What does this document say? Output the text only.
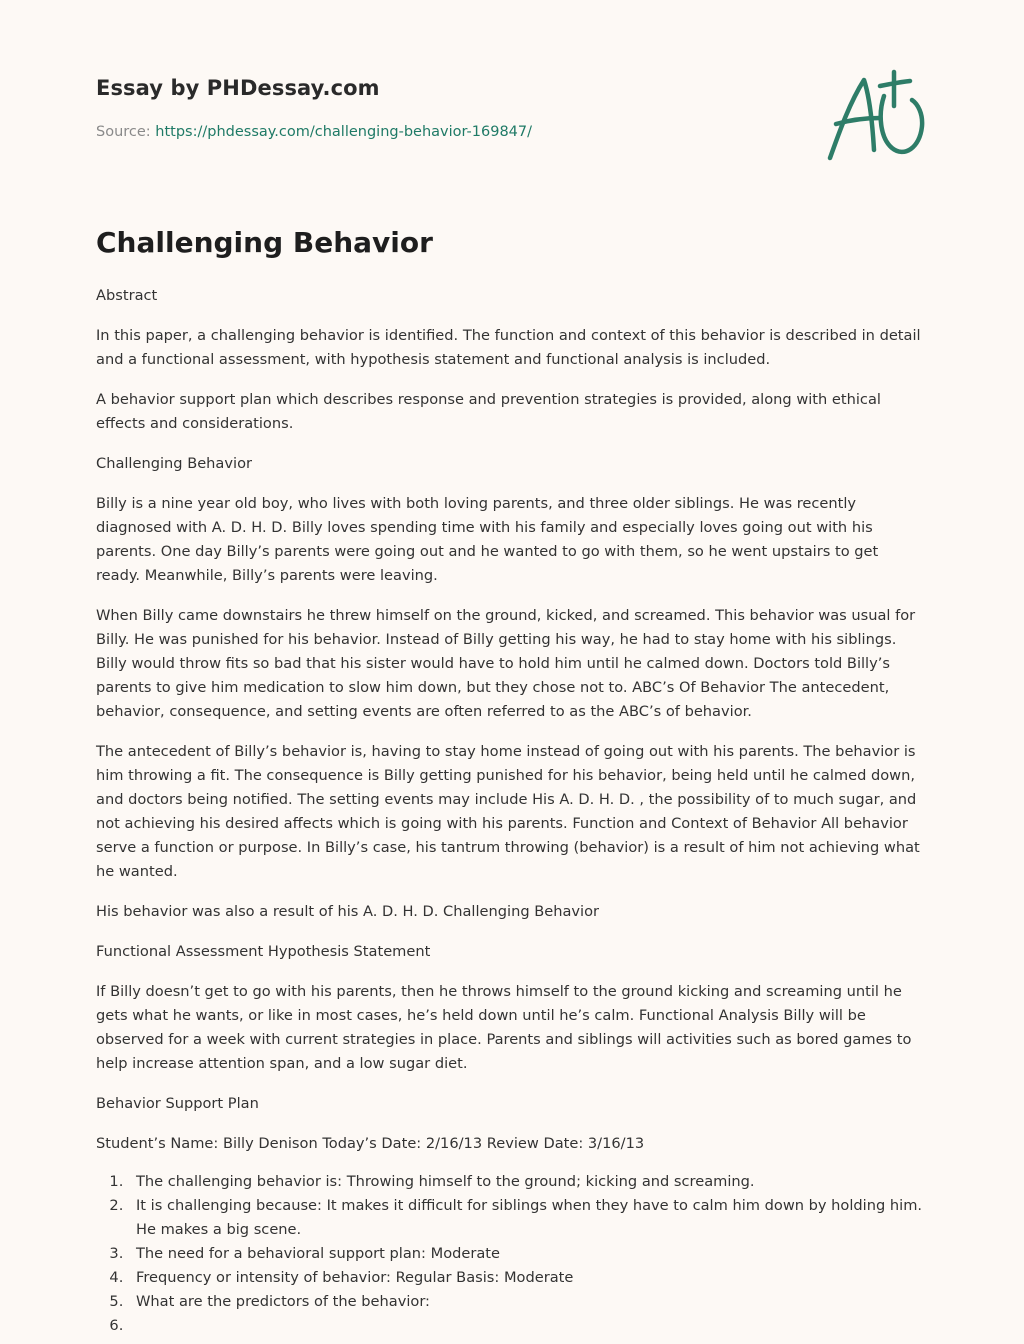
Essay by PHDessay.com

Source: https://phdessay.com/challenging-behavior-169847/

Challenging Behavior

Abstract

In this paper, a challenging behavior is identified. The function and context of this behavior is described in detail and a functional assessment, with hypothesis statement and functional analysis is included.

A behavior support plan which describes response and prevention strategies is provided, along with ethical effects and considerations.

Challenging Behavior

Billy is a nine year old boy, who lives with both loving parents, and three older siblings. He was recently diagnosed with A. D. H. D. Billy loves spending time with his family and especially loves going out with his parents. One day Billy’s parents were going out and he wanted to go with them, so he went upstairs to get ready. Meanwhile, Billy’s parents were leaving.

When Billy came downstairs he threw himself on the ground, kicked, and screamed. This behavior was usual for Billy. He was punished for his behavior. Instead of Billy getting his way, he had to stay home with his siblings. Billy would throw fits so bad that his sister would have to hold him until he calmed down. Doctors told Billy’s parents to give him medication to slow him down, but they chose not to. ABC’s Of Behavior The antecedent, behavior, consequence, and setting events are often referred to as the ABC’s of behavior.

The antecedent of Billy’s behavior is, having to stay home instead of going out with his parents. The behavior is him throwing a fit. The consequence is Billy getting punished for his behavior, being held until he calmed down, and doctors being notified. The setting events may include His A. D. H. D. , the possibility of to much sugar, and not achieving his desired affects which is going with his parents. Function and Context of Behavior All behavior serve a function or purpose. In Billy’s case, his tantrum throwing (behavior) is a result of him not achieving what he wanted.

His behavior was also a result of his A. D. H. D. Challenging Behavior

Functional Assessment Hypothesis Statement

If Billy doesn’t get to go with his parents, then he throws himself to the ground kicking and screaming until he gets what he wants, or like in most cases, he’s held down until he’s calm. Functional Analysis Billy will be observed for a week with current strategies in place. Parents and siblings will activities such as bored games to help increase attention span, and a low sugar diet.

Behavior Support Plan

Student’s Name: Billy Denison Today’s Date: 2/16/13 Review Date: 3/16/13

1. The challenging behavior is: Throwing himself to the ground; kicking and screaming.
2. It is challenging because: It makes it difficult for siblings when they have to calm him down by holding him. He makes a big scene.
3. The need for a behavioral support plan: Moderate
4. Frequency or intensity of behavior: Regular Basis: Moderate
5. What are the predictors of the behavior:
6.
